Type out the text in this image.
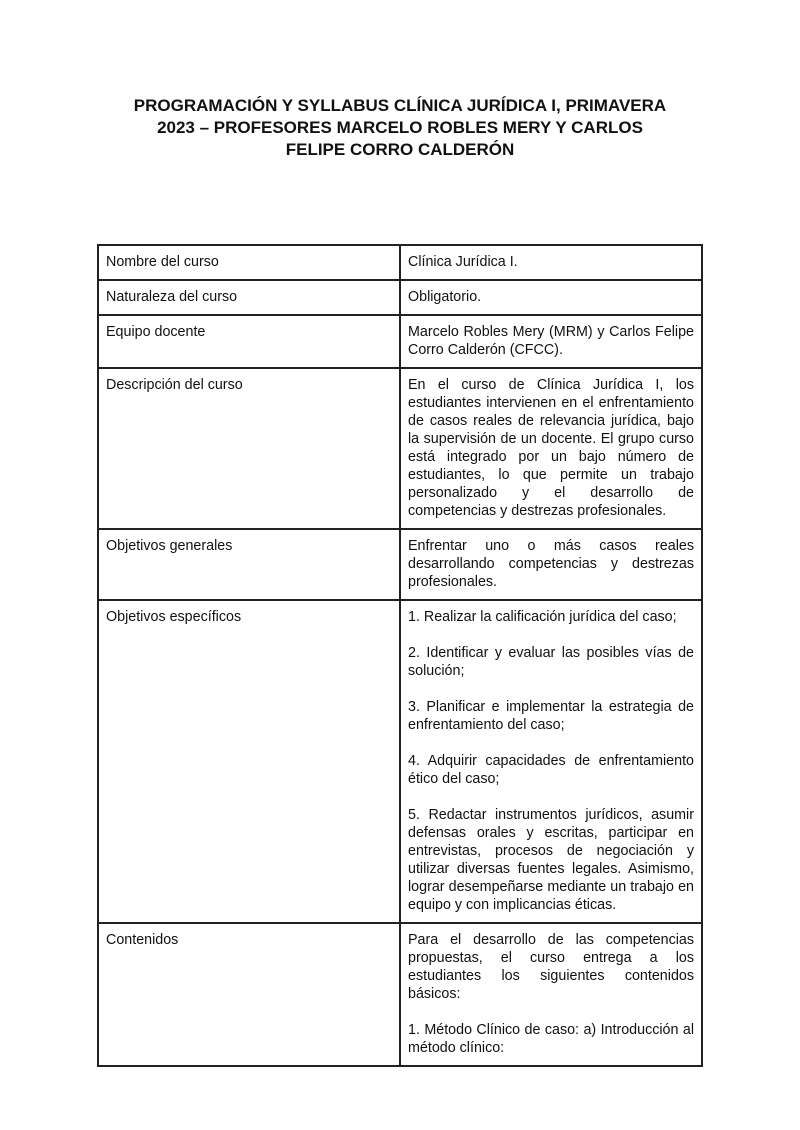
PROGRAMACIÓN Y SYLLABUS CLÍNICA JURÍDICA I, PRIMAVERA
2023 – PROFESORES MARCELO ROBLES MERY Y CARLOS
FELIPE CORRO CALDERÓN
Nombre del curso	Clínica Jurídica I.

Naturaleza del curso	Obligatorio.

Equipo docente	Marcelo Robles Mery (MRM) y Carlos Felipe Corro Calderón (CFCC).

Descripción del curso	En el curso de Clínica Jurídica I, los estudiantes intervienen en el enfrentamiento de casos reales de relevancia jurídica, bajo la supervisión de un docente. El grupo curso está integrado por un bajo número de estudiantes, lo que permite un trabajo personalizado y el desarrollo de competencias y destrezas profesionales.

Objetivos generales	Enfrentar uno o más casos reales desarrollando competencias y destrezas profesionales.

Objetivos específicos	1. Realizar la calificación jurídica del caso;

2. Identificar y evaluar las posibles vías de solución;

3. Planificar e implementar la estrategia de enfrentamiento del caso;

4. Adquirir capacidades de enfrentamiento ético del caso;

5. Redactar instrumentos jurídicos, asumir defensas orales y escritas, participar en entrevistas, procesos de negociación y utilizar diversas fuentes legales. Asimismo, lograr desempeñarse mediante un trabajo en equipo y con implicancias éticas.

Contenidos	Para el desarrollo de las competencias propuestas, el curso entrega a los estudiantes los siguientes contenidos básicos:

1. Método Clínico de caso: a) Introducción al método clínico:
